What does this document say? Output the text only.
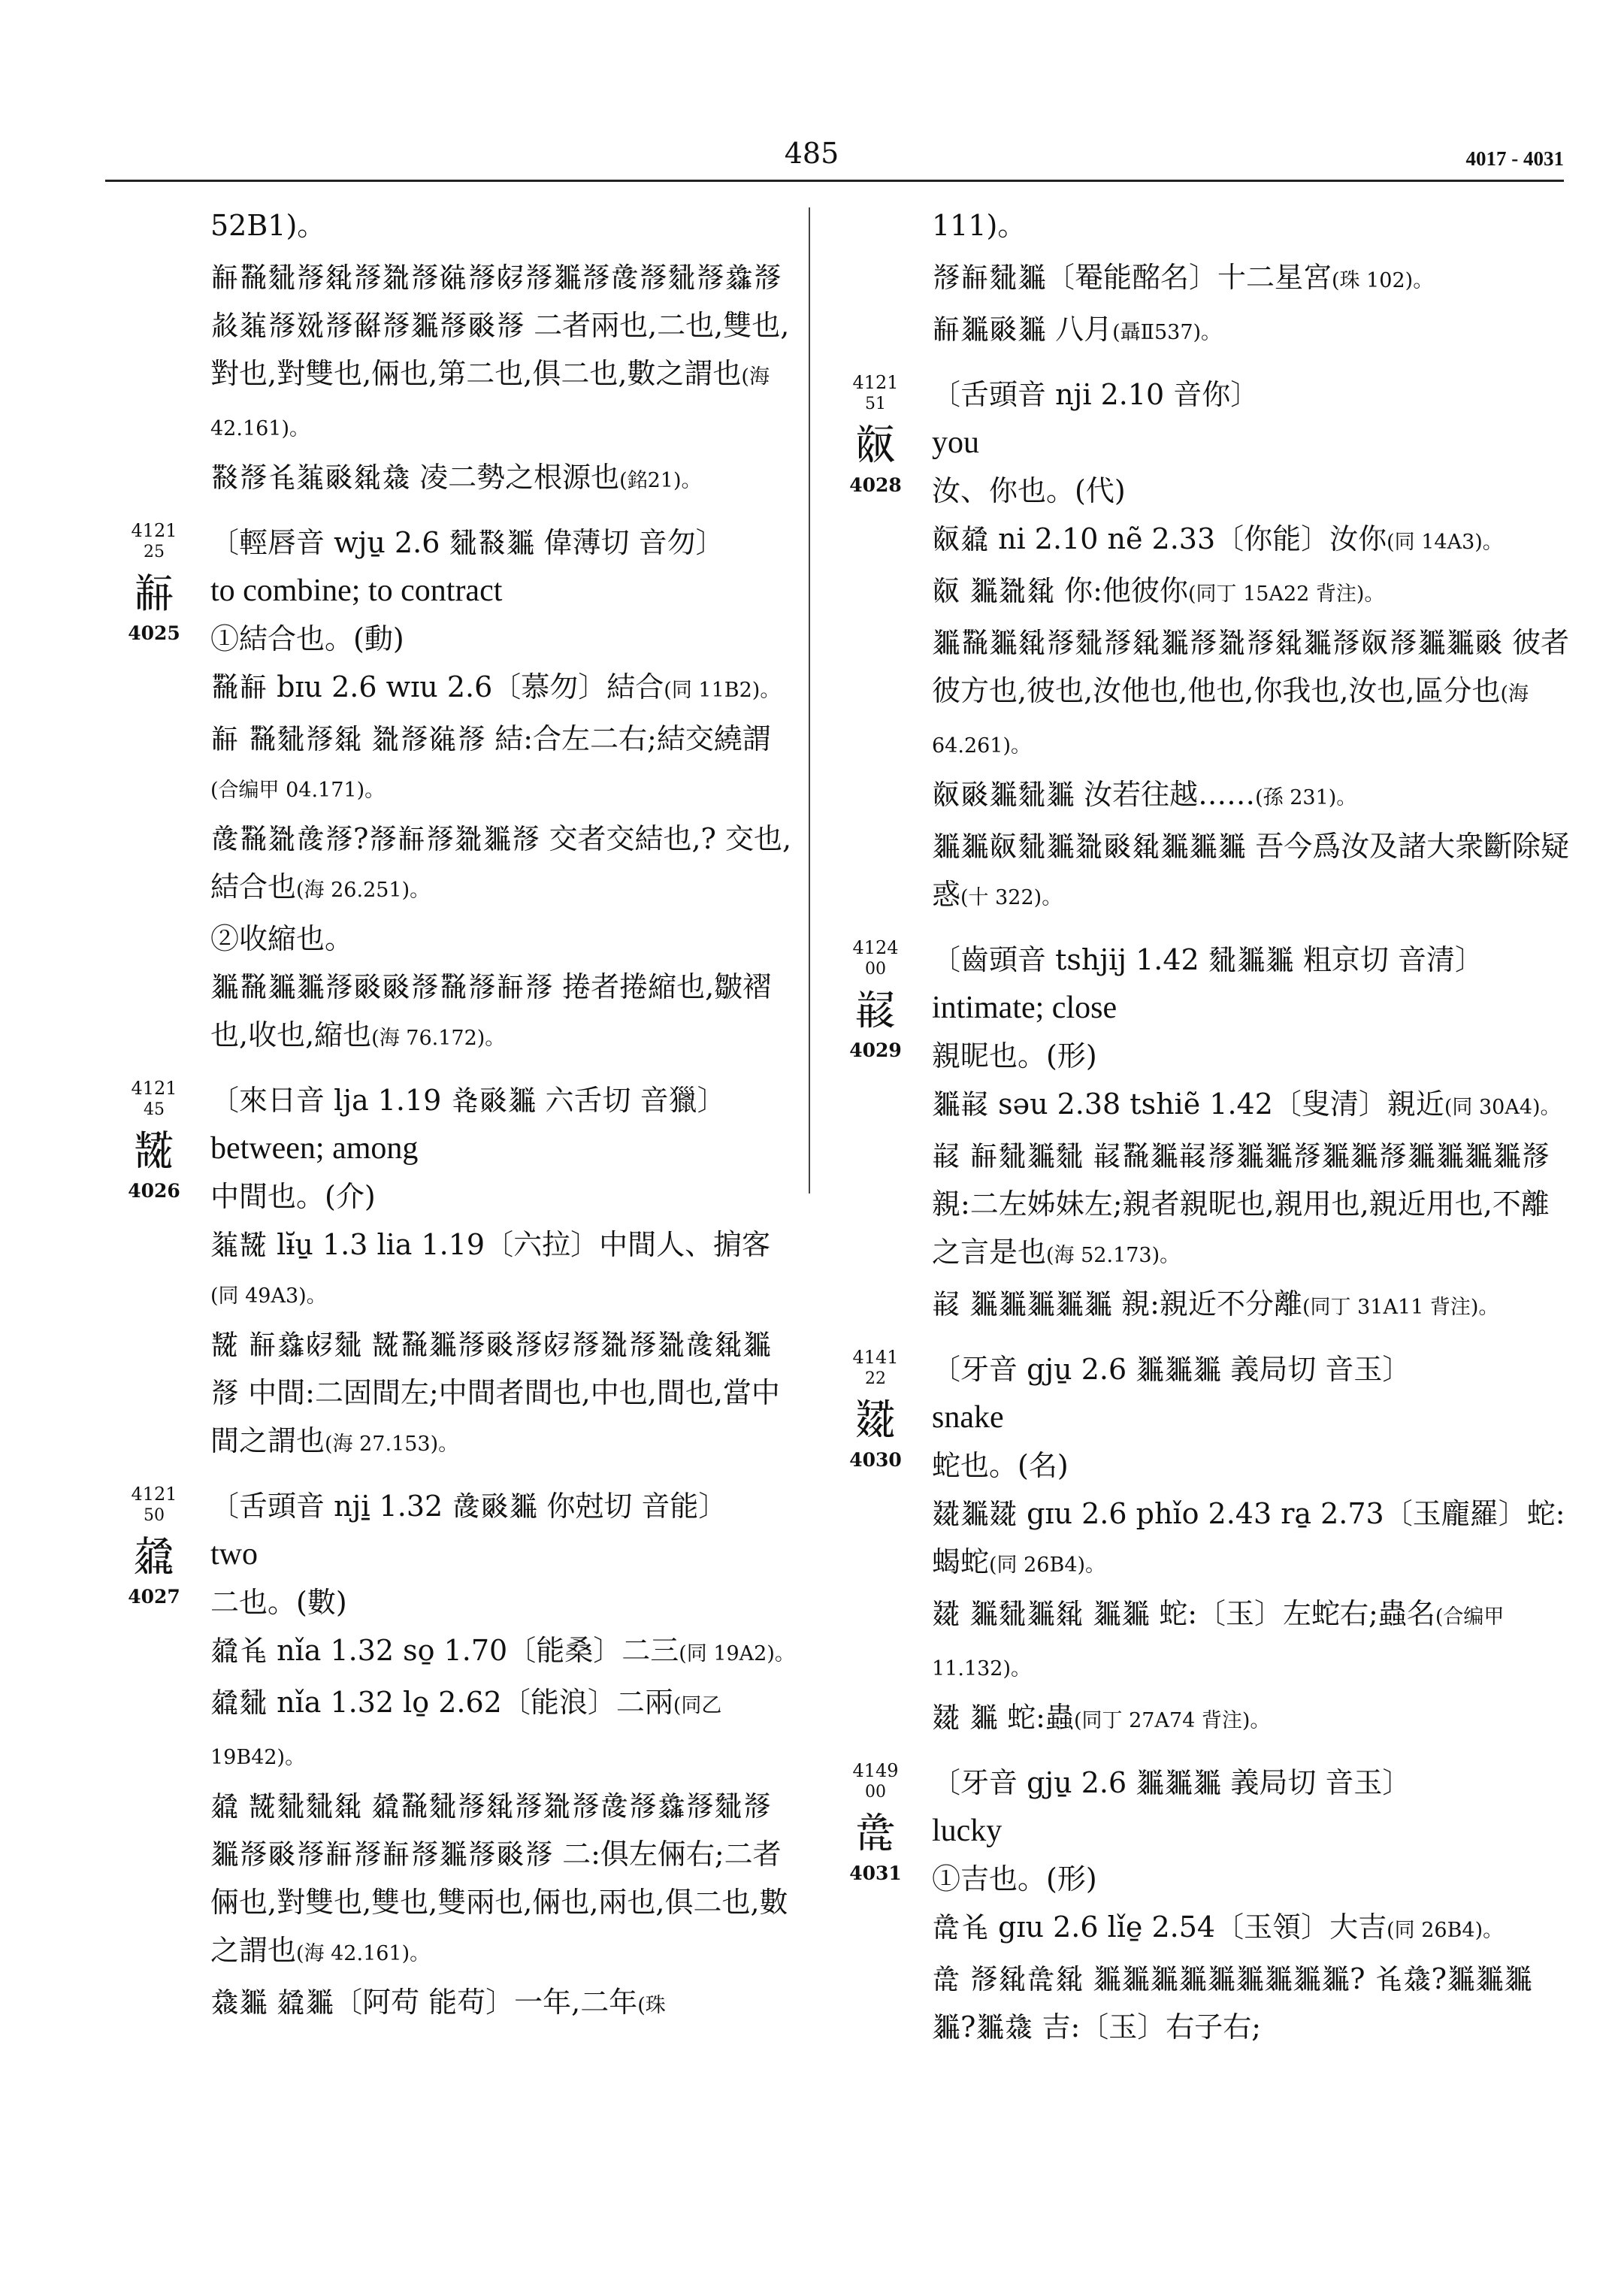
485	4017 - 4031
52B1)。
𘕋𘜸𘙇𘃡𘊝𘃡𘐓𘃡𘌽𘃡𘊴𘃡𘐛𘃡𘖪𘃡𘙇𘃡𘗂𘃡𘉅𘐇𘃡𘋩𘃡𘇂𘃡𘐛𘃡𘓱𘃡 二者兩也,二也,雙也,對也,對雙也,倆也,第二也,俱二也,數之謂也(海 42.161)。
𘜶𘃡𘍐𘐇𘓱𘊝𘎑 凌二勢之根源也(銘21)。
4121
25
𘕋
4025
〔輕唇音 wju̱ 2.6 𘙇𘜶𘐛 偉薄切 音勿〕
to combine; to contract
①結合也。(動)
𘜸𘕋 bɪu 2.6 wɪu 2.6〔慕勿〕結合(同 11B2)。
𘕋 𘜸𘙇𘃡𘊝 𘐓𘃡𘌽𘃡 結:合左二右;結交繞謂(合编甲 04.171)。
𘖪𘜸𘐓𘖪𘃡?𘃡𘕋𘃡𘐓𘐛𘃡 交者交結也,? 交也,結合也(海 26.251)。
②收縮也。
𘐛𘜸𘐛𘐛𘃡𘓱𘓱𘃡𘜸𘃡𘕋𘃡 捲者捲縮也,皺褶也,收也,縮也(海 76.172)。
4121
45
𘕚
4026
〔來日音 lja 1.19 𘑗𘓱𘐛 六舌切 音獵〕
between; among
中間也。(介)
𘐇𘕚 lɨ̆u̱ 1.3 lia 1.19〔六拉〕中間人、掮客(同 49A3)。
𘕚 𘕋𘗂𘊴𘙇 𘕚𘜸𘐛𘃡𘓱𘃡𘊴𘃡𘐓𘃡𘐓𘖪𘊝𘐛𘃡 中間:二固間左;中間者間也,中也,間也,當中間之謂也(海 27.153)。
4121
50
𘕊
4027
〔舌頭音 nji̱ 1.32 𘖪𘓱𘐛 你尅切 音能〕
two
二也。(數)
𘕊𘍐 nǐa 1.32 so̱ 1.70〔能桑〕二三(同 19A2)。
𘕊𘙇 nǐa 1.32 lo̱ 2.62〔能浪〕二兩(同乙 19B42)。
𘕊 𘕚𘙇𘙇𘊝 𘕊𘜸𘙇𘃡𘊝𘃡𘐓𘃡𘖪𘃡𘗂𘃡𘙇𘃡𘐛𘃡𘓱𘃡𘕋𘃡𘕋𘃡𘐛𘃡𘓱𘃡 二:俱左倆右;二者倆也,對雙也,雙也,雙兩也,倆也,兩也,俱二也,數之謂也(海 42.161)。
𘎑𘐛 𘕊𘐛〔阿苟 能苟〕一年,二年(珠
111)。
𘃡𘕋𘙇𘐛〔罨能酩名〕十二星宮(珠 102)。
𘕋𘐛𘓱𘐛 八月(聶Ⅱ537)。
4121
51
𘕛
4028
〔舌頭音 nji 2.10 音你〕
you
汝、你也。(代)
𘕛𘕊 ni 2.10 nẽ 2.33〔你能〕汝你(同 14A3)。
𘕛 𘐛𘐓𘊝 你:他彼你(同丁 15A22 背注)。
𘐛𘜸𘐛𘊝𘃡𘙇𘃡𘊝𘐛𘃡𘐓𘃡𘊝𘐛𘃡𘕛𘃡𘐛𘐛𘓱 彼者彼方也,彼也,汝他也,他也,你我也,汝也,區分也(海 64.261)。
𘕛𘓱𘐛𘙇𘐛 汝若往越……(孫 231)。
𘐛𘐛𘕛𘙇𘐛𘐓𘓱𘊝𘐛𘐛𘐛 吾今爲汝及諸大衆斷除疑惑(十 322)。
4124
00
𘕣
4029
〔齒頭音 tshjij 1.42 𘙇𘐛𘐛 粗京切 音清〕
intimate; close
親昵也。(形)
𘐛𘕣 səu 2.38 tshiẽ 1.42〔叟清〕親近(同 30A4)。
𘕣 𘕋𘙇𘐛𘙇 𘕣𘜸𘐛𘕣𘃡𘐛𘐛𘃡𘐛𘐛𘃡𘐛𘐛𘐛𘐛𘃡 親:二左姊妹左;親者親昵也,親用也,親近用也,不離之言是也(海 52.173)。
𘕣 𘐛𘐛𘐛𘐛𘐛 親:親近不分離(同丁 31A11 背注)。
4141
22
𘖕
4030
〔牙音 gju̱ 2.6 𘐛𘐛𘐛 義局切 音玉〕
snake
蛇也。(名)
𘖕𘐛𘖕 gɪu 2.6 phǐo 2.43 ra̱ 2.73〔玉龐羅〕蛇:蝎蛇(同 26B4)。
𘖕 𘐛𘙇𘐛𘊝 𘐛𘐛 蛇:〔玉〕左蛇右;蟲名(合编甲 11.132)。
𘖕 𘐛 蛇:蟲(同丁 27A74 背注)。
4149
00
𘖝
4031
〔牙音 gju̱ 2.6 𘐛𘐛𘐛 義局切 音玉〕
lucky
①吉也。(形)
𘖝𘍐 gɪu 2.6 lǐe̱ 2.54〔玉領〕大吉(同 26B4)。
𘖝 𘃡𘊝𘖝𘊝 𘐛𘐛𘐛𘐛𘐛𘐛𘐛𘐛𘐛? 𘍐𘎑?𘐛𘐛𘐛𘐛?𘐛𘎑 吉:〔玉〕右子右;
